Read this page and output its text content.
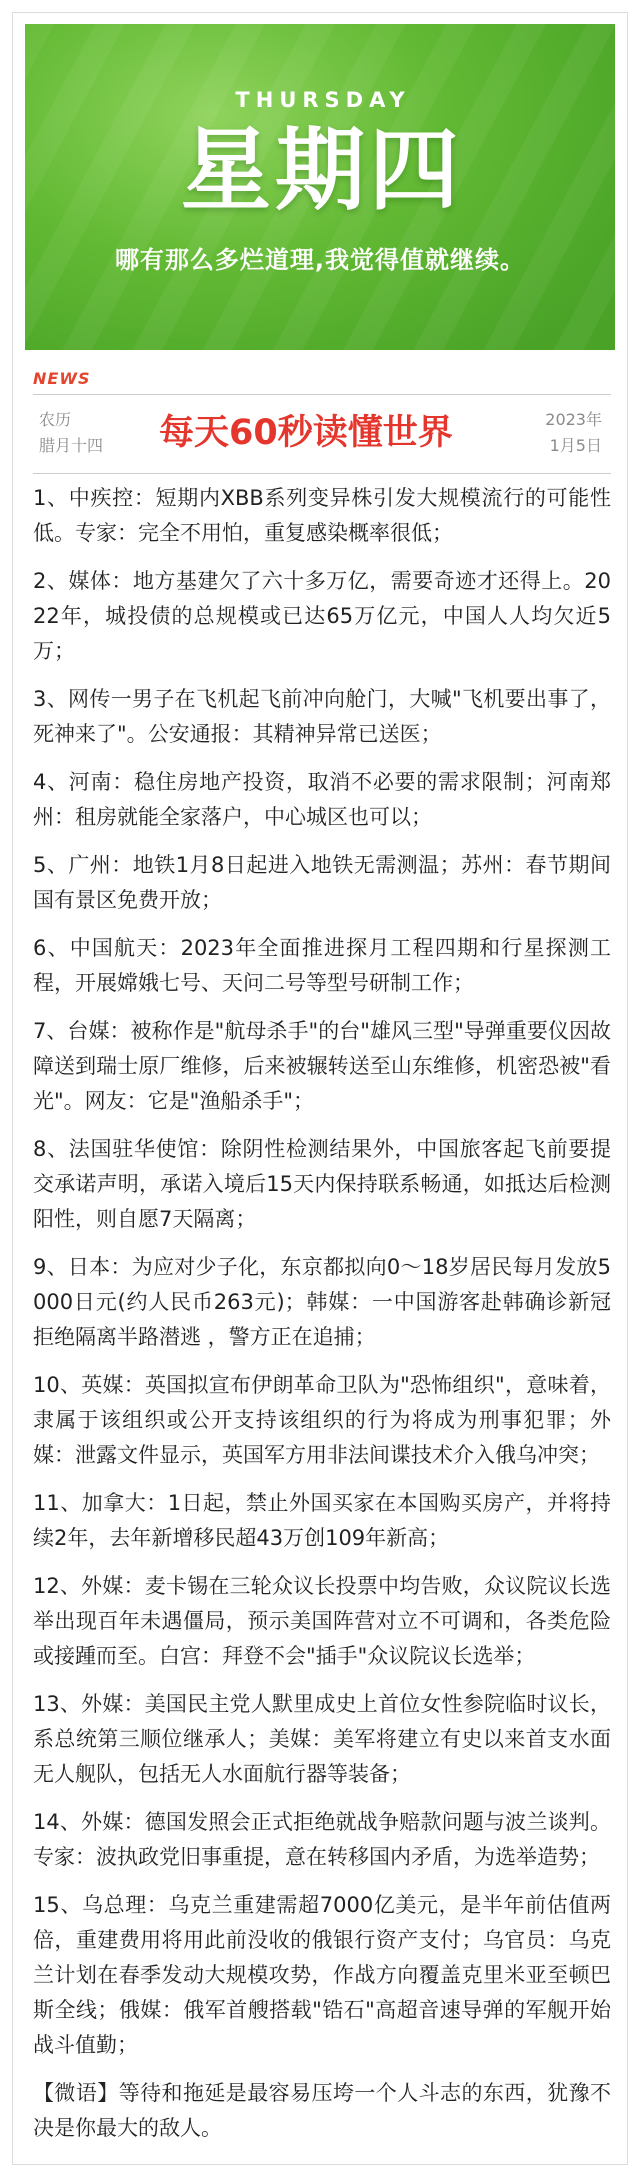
THURSDAY
星期四
哪有那么多烂道理,我觉得值就继续。
NEWS
农历
腊月十四 每天60秒读懂世界	2023年
1月5日

1、中疾控：短期内XBB系列变异株引发大规模流行的可能性低。专家：完全不用怕，重复感染概率很低；

2、媒体：地方基建欠了六十多万亿，需要奇迹才还得上。2022年，城投债的总规模或已达65万亿元，中国人人均欠近5万；

3、网传一男子在飞机起飞前冲向舱门，大喊"飞机要出事了，死神来了"。公安通报：其精神异常已送医；

4、河南：稳住房地产投资，取消不必要的需求限制；河南郑州：租房就能全家落户，中心城区也可以；

5、广州：地铁1月8日起进入地铁无需测温；苏州：春节期间国有景区免费开放；

6、中国航天：2023年全面推进探月工程四期和行星探测工程，开展嫦娥七号、天问二号等型号研制工作；

7、台媒：被称作是"航母杀手"的台"雄风三型"导弹重要仪因故障送到瑞士原厂维修，后来被辗转送至山东维修，机密恐被"看光"。网友：它是"渔船杀手"；

8、法国驻华使馆：除阴性检测结果外，中国旅客起飞前要提交承诺声明，承诺入境后15天内保持联系畅通，如抵达后检测阳性，则自愿7天隔离；

9、日本：为应对少子化，东京都拟向0～18岁居民每月发放5000日元(约人民币263元)；韩媒：一中国游客赴韩确诊新冠拒绝隔离半路潜逃 ，警方正在追捕；

10、英媒：英国拟宣布伊朗革命卫队为"恐怖组织"，意味着，隶属于该组织或公开支持该组织的行为将成为刑事犯罪；外媒：泄露文件显示，英国军方用非法间谍技术介入俄乌冲突；

11、加拿大：1日起，禁止外国买家在本国购买房产，并将持续2年，去年新增移民超43万创109年新高；

12、外媒：麦卡锡在三轮众议长投票中均告败，众议院议长选举出现百年未遇僵局，预示美国阵营对立不可调和，各类危险或接踵而至。白宫：拜登不会"插手"众议院议长选举；

13、外媒：美国民主党人默里成史上首位女性参院临时议长，系总统第三顺位继承人；美媒：美军将建立有史以来首支水面无人舰队，包括无人水面航行器等装备；

14、外媒：德国发照会正式拒绝就战争赔款问题与波兰谈判。专家：波执政党旧事重提，意在转移国内矛盾，为选举造势；

15、乌总理：乌克兰重建需超7000亿美元，是半年前估值两倍，重建费用将用此前没收的俄银行资产支付；乌官员：乌克兰计划在春季发动大规模攻势，作战方向覆盖克里米亚至顿巴斯全线；俄媒：俄军首艘搭载"锆石"高超音速导弹的军舰开始战斗值勤；

【微语】等待和拖延是最容易压垮一个人斗志的东西，犹豫不决是你最大的敌人。
